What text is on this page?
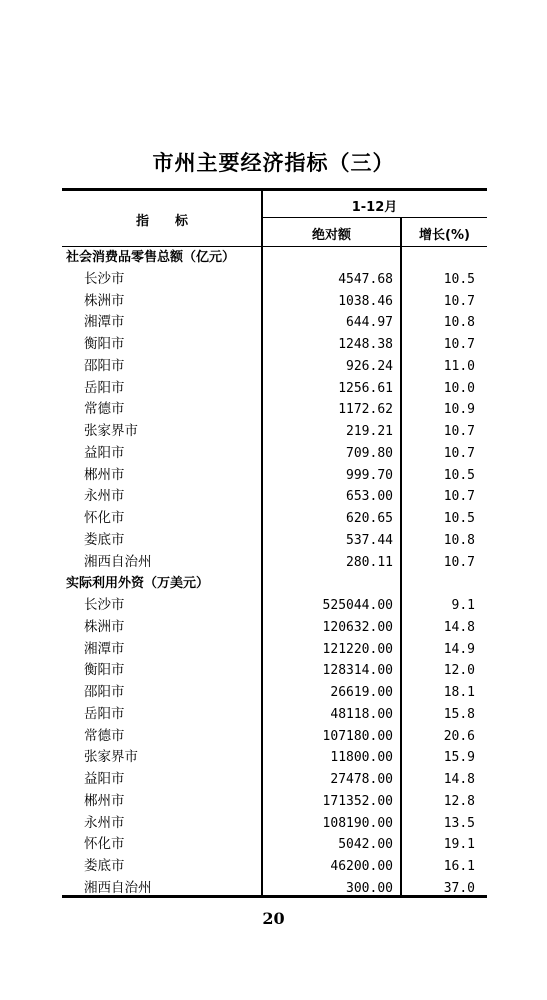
市州主要经济指标（三）
指　　标
1-12月
绝对额	增长(%)
社会消费品零售总额（亿元）
长沙市	4547.68	10.5
株洲市	1038.46	10.7
湘潭市	644.97	10.8
衡阳市	1248.38	10.7
邵阳市	926.24	11.0
岳阳市	1256.61	10.0
常德市	1172.62	10.9
张家界市	219.21	10.7
益阳市	709.80	10.7
郴州市	999.70	10.5
永州市	653.00	10.7
怀化市	620.65	10.5
娄底市	537.44	10.8
湘西自治州	280.11	10.7
实际利用外资（万美元）
长沙市	525044.00	9.1
株洲市	120632.00	14.8
湘潭市	121220.00	14.9
衡阳市	128314.00	12.0
邵阳市	26619.00	18.1
岳阳市	48118.00	15.8
常德市	107180.00	20.6
张家界市	11800.00	15.9
益阳市	27478.00	14.8
郴州市	171352.00	12.8
永州市	108190.00	13.5
怀化市	5042.00	19.1
娄底市	46200.00	16.1
湘西自治州	300.00	37.0
20
